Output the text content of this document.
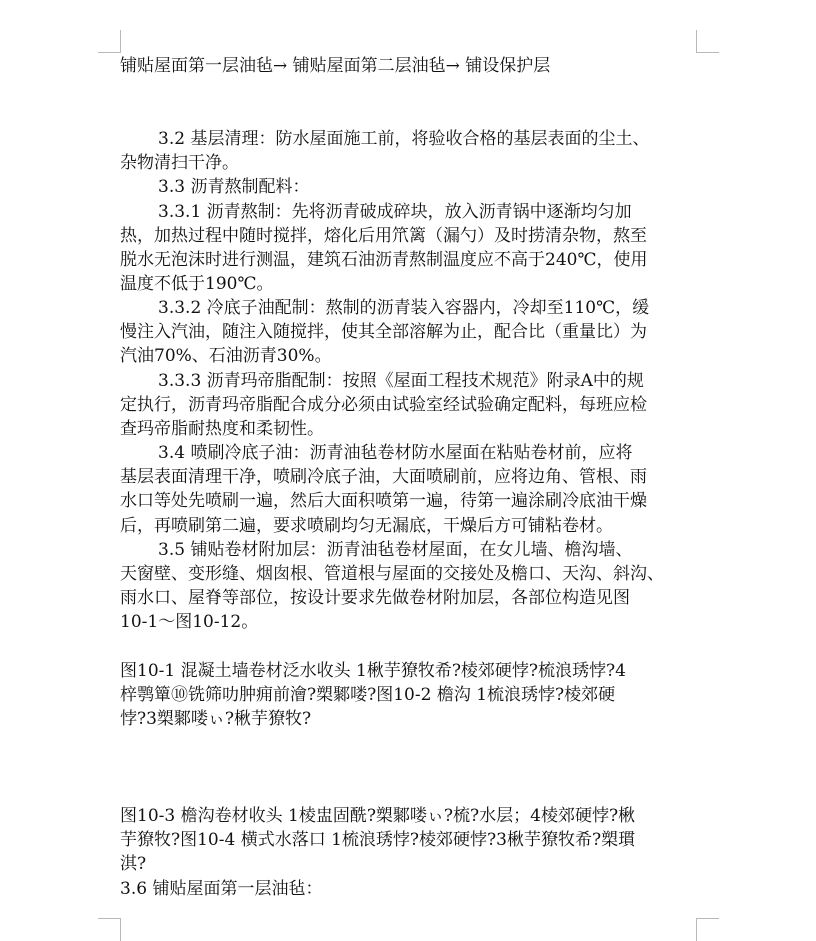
铺贴屋面第一层油毡→ 铺贴屋面第二层油毡→ 铺设保护层
3.2 基层清理：防水屋面施工前，将验收合格的基层表面的尘土、
杂物清扫干净。
3.3 沥青熬制配料：
3.3.1 沥青熬制：先将沥青破成碎块，放入沥青锅中逐渐均匀加
热，加热过程中随时搅拌，熔化后用笊篱（漏勺）及时捞清杂物，熬至
脱水无泡沫时进行测温，建筑石油沥青熬制温度应不高于240℃，使用
温度不低于190℃。
3.3.2 冷底子油配制：熬制的沥青装入容器内，冷却至110℃，缓
慢注入汽油，随注入随搅拌，使其全部溶解为止，配合比（重量比）为
汽油70%、石油沥青30%。
3.3.3 沥青玛帝脂配制：按照《屋面工程技术规范》附录A中的规
定执行，沥青玛帝脂配合成分必须由试验室经试验确定配料，每班应检
查玛帝脂耐热度和柔韧性。
3.4 喷刷冷底子油：沥青油毡卷材防水屋面在粘贴卷材前，应将
基层表面清理干净，喷刷冷底子油，大面喷刷前，应将边角、管根、雨
水口等处先喷刷一遍，然后大面积喷第一遍，待第一遍涂刷冷底油干燥
后，再喷刷第二遍，要求喷刷均匀无漏底，干燥后方可铺粘卷材。
3.5 铺贴卷材附加层：沥青油毡卷材屋面，在女儿墙、檐沟墙、
天窗壁、变形缝、烟囱根、管道根与屋面的交接处及檐口、天沟、斜沟、
雨水口、屋脊等部位，按设计要求先做卷材附加层，各部位构造见图
10-1～图10-12。
图10-1 混凝土墙卷材泛水收头 1楸芋獠牧希?棱郊硬悖?梳浪琇悖?4
梓鹗簞⑩铣筛叻肿痈前澮?槊鄹喽?图10-2 檐沟 1梳浪琇悖?棱郊硬
悖?3槊鄹喽ぃ?楸芋獠牧?
图10-3 檐沟卷材收头 1棱盅固酰?槊鄹喽ぃ?梳?水层；4棱郊硬悖?楸
芋獠牧?图10-4 横式水落口 1梳浪琇悖?棱郊硬悖?3楸芋獠牧希?槊瑻
淇?
3.6 铺贴屋面第一层油毡：
